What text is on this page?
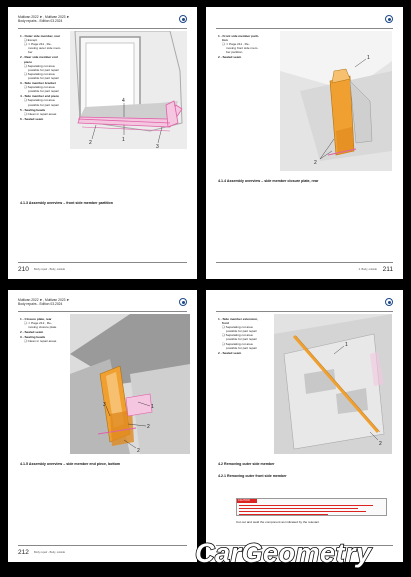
Multivan 2022 ➤ , Multivan 2023 ➤
Body repairs - Edition 03.2024
4
1
2
3
1 - Outer side member, rear
❏ Except
❏ ⇒ Page 211 , Re-
moving outer side mem-
ber
2 - Rear side member end
piece
❏ Separating cut area
possible for part repair
❏ Separating cut area
possible for part repair
3 - Side member bracket
❏ Separating cut area
possible for part repair
4 - Side member end piece
❏ Separating cut area
possible for part repair
5 - Sealing beads
❏ Clean in repair areas
6 - Sealed seam
4.1.3 Assembly overview – front side member partition
210 Body repair - Body, outside
1 - Front side member parti-
tion
❏ ⇒ Page 211 , Re-
moving front side mem-
ber partition
2 - Sealed seam	1
2
4.1.4 Assembly overview – side member closure plate, rear
4. Body, outside 211
Multivan 2022 ➤ , Multivan 2023 ➤
Body repairs - Edition 03.2024
1
2
3
2
1 - Closure plate, rear
❏ ⇒ Page 212 , Re-
moving closure plate
2 - Sealed seam
3 - Sealing beads
❏ Clean in repair areas
4.1.5 Assembly overview – side member end piece, bottom
212 Body repair - Body, outside
1 - Side member extension,
front
❏ Separating cut area
possible for part repair
❏ Separating cut area
possible for part repair
❏ Separating cut area
possible for part repair
2 - Sealed seam
1
2
4.2 Removing outer side member
4.2.1 Removing outer front side member
CAUTION
Cut out and weld the component as indicated by the relevant
CarGeometry
